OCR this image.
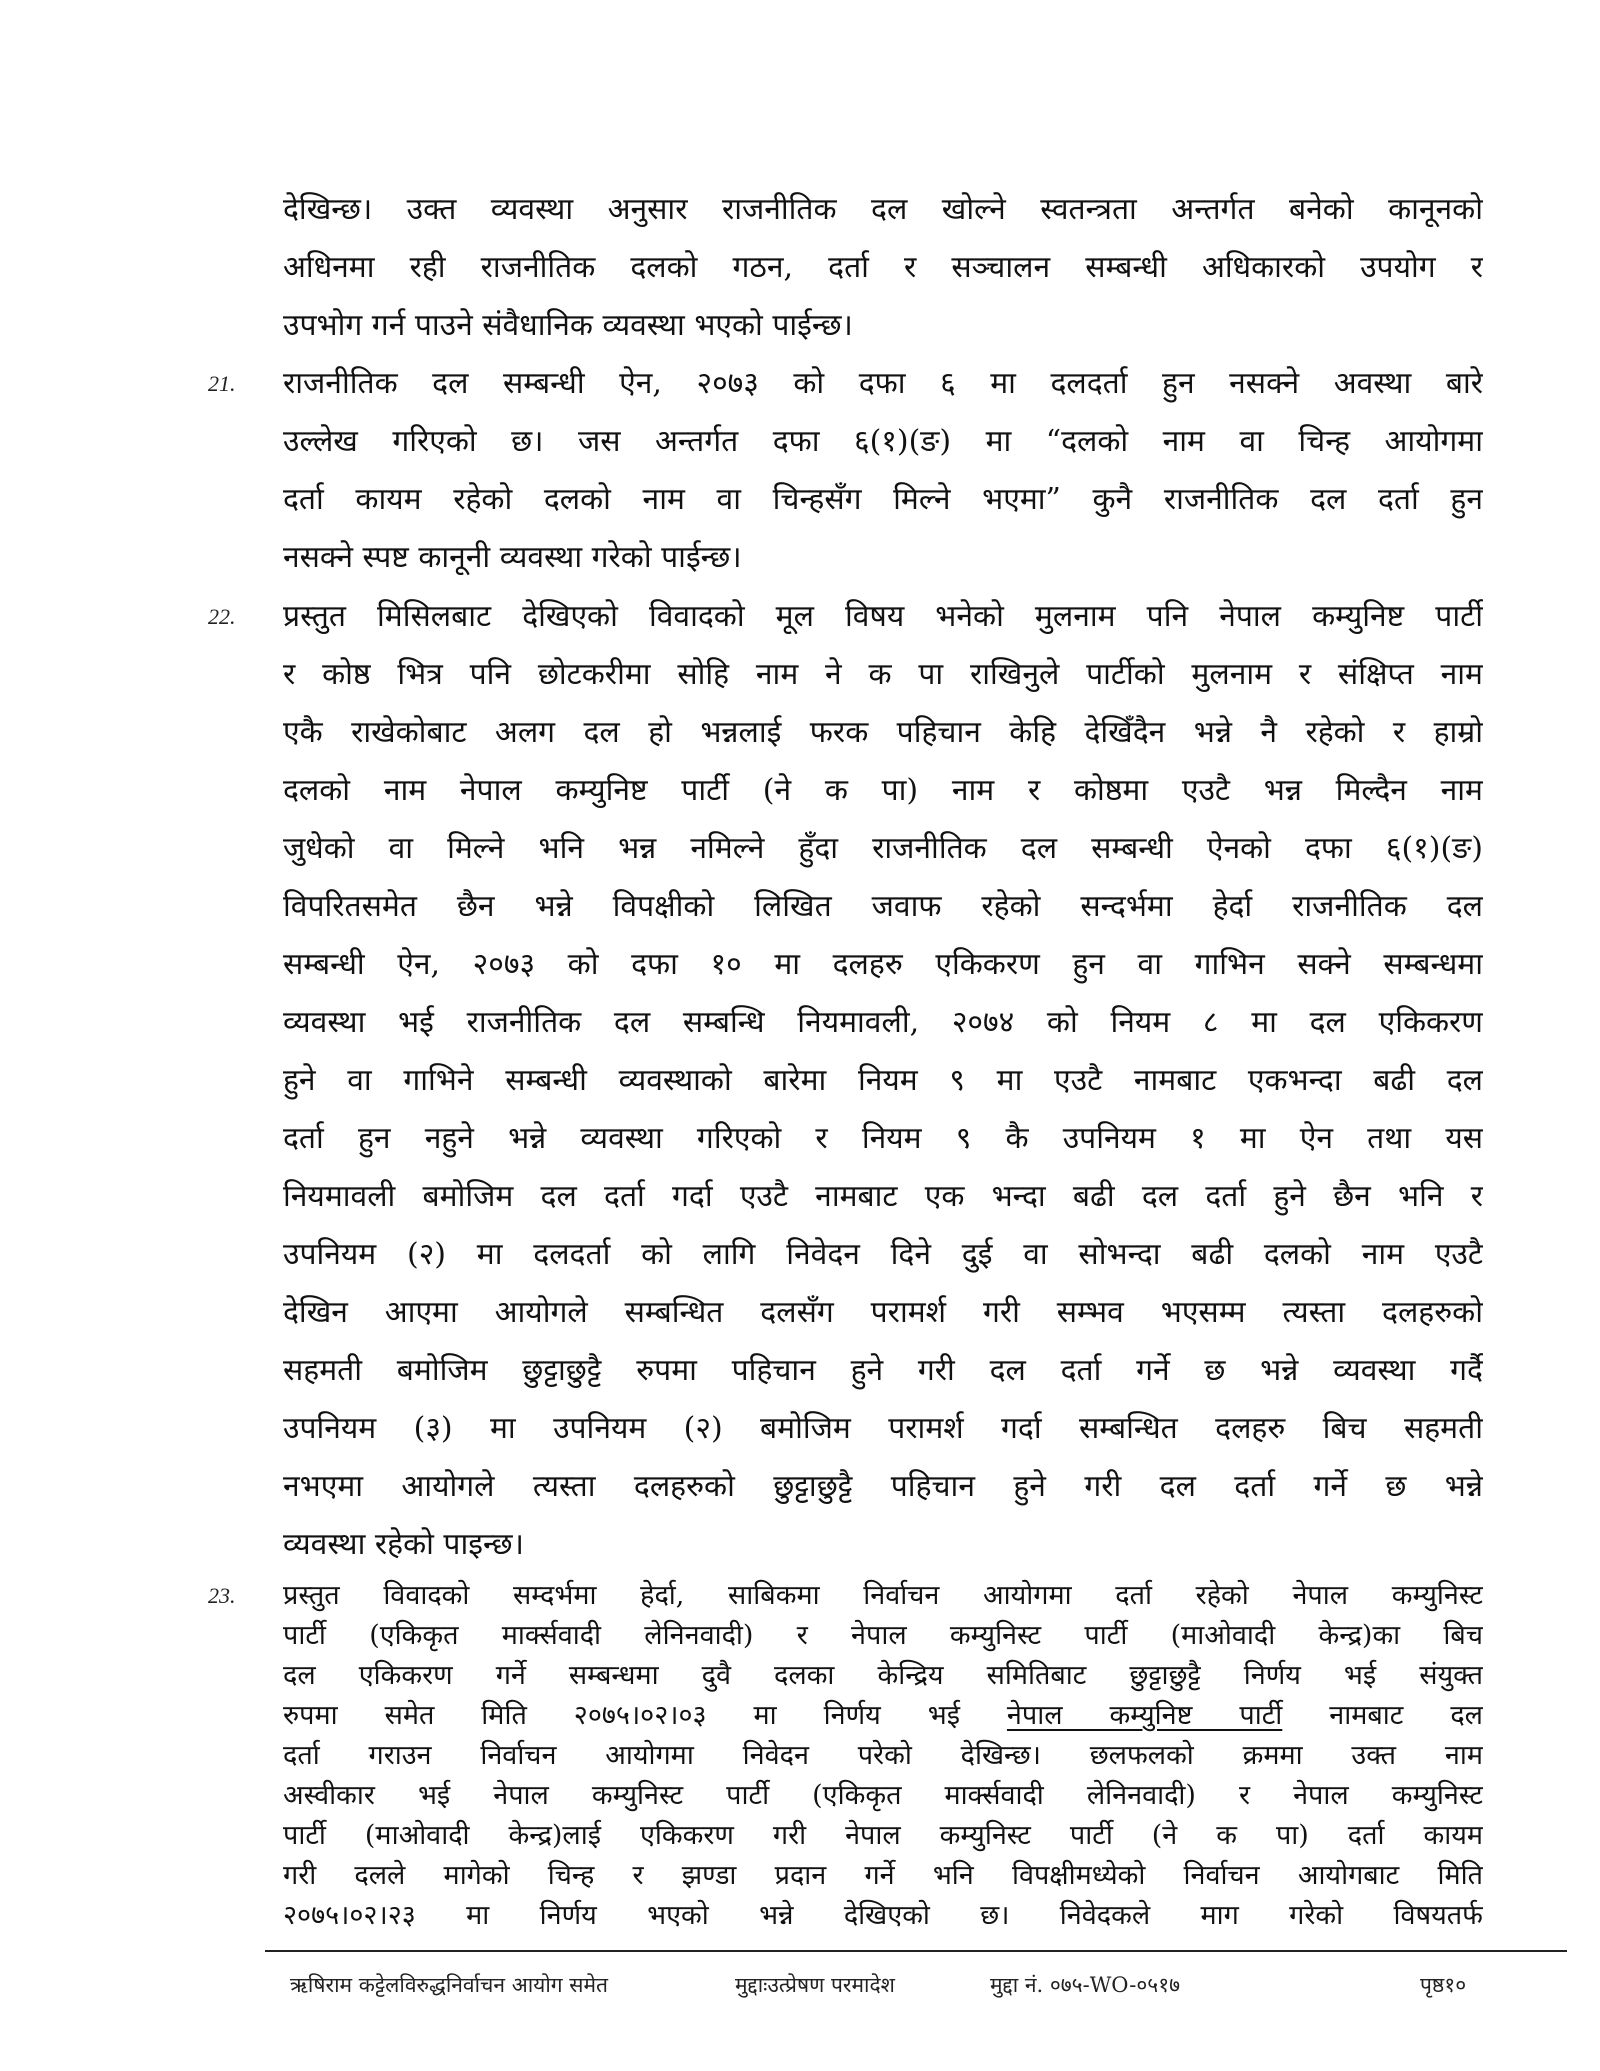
देखिन्छ। उक्त व्यवस्था अनुसार राजनीतिक दल खोल्ने स्वतन्त्रता अन्तर्गत बनेको कानूनको
अधिनमा रही राजनीतिक दलको गठन, दर्ता र सञ्चालन सम्बन्धी अधिकारको उपयोग र
उपभोग गर्न पाउने संवैधानिक व्यवस्था भएको पाईन्छ।
21. राजनीतिक दल सम्बन्धी ऐन, २०७३ को दफा ६ मा दलदर्ता हुन नसक्ने अवस्था बारे
उल्लेख गरिएको छ। जस अन्तर्गत दफा ६(१)(ङ) मा “दलको नाम वा चिन्ह आयोगमा
दर्ता कायम रहेको दलको नाम वा चिन्हसँग मिल्ने भएमा” कुनै राजनीतिक दल दर्ता हुन
नसक्ने स्पष्ट कानूनी व्यवस्था गरेको पाईन्छ।
22. प्रस्तुत मिसिलबाट देखिएको विवादको मूल विषय भनेको मुलनाम पनि नेपाल कम्युनिष्ट पार्टी
र कोष्ठ भित्र पनि छोटकरीमा सोहि नाम ने क पा राखिनुले पार्टीको मुलनाम र संक्षिप्त नाम
एकै राखेकोबाट अलग दल हो भन्नलाई फरक पहिचान केहि देखिँदैन भन्ने नै रहेको र हाम्रो
दलको नाम नेपाल कम्युनिष्ट पार्टी (ने क पा) नाम र कोष्ठमा एउटै भन्न मिल्दैन नाम
जुधेको वा मिल्ने भनि भन्न नमिल्ने हुँदा राजनीतिक दल सम्बन्धी ऐनको दफा ६(१)(ङ)
विपरितसमेत छैन भन्ने विपक्षीको लिखित जवाफ रहेको सन्दर्भमा हेर्दा राजनीतिक दल
सम्बन्धी ऐन, २०७३ को दफा १० मा दलहरु एकिकरण हुन वा गाभिन सक्ने सम्बन्धमा
व्यवस्था भई राजनीतिक दल सम्बन्धि नियमावली, २०७४ को नियम ८ मा दल एकिकरण
हुने वा गाभिने सम्बन्धी व्यवस्थाको बारेमा नियम ९ मा एउटै नामबाट एकभन्दा बढी दल
दर्ता हुन नहुने भन्ने व्यवस्था गरिएको र नियम ९ कै उपनियम १ मा ऐन तथा यस
नियमावली बमोजिम दल दर्ता गर्दा एउटै नामबाट एक भन्दा बढी दल दर्ता हुने छैन भनि र
उपनियम (२) मा दलदर्ता को लागि निवेदन दिने दुई वा सोभन्दा बढी दलको नाम एउटै
देखिन आएमा आयोगले सम्बन्धित दलसँग परामर्श गरी सम्भव भएसम्म त्यस्ता दलहरुको
सहमती बमोजिम छुट्टाछुट्टै रुपमा पहिचान हुने गरी दल दर्ता गर्ने छ भन्ने व्यवस्था गर्दै
उपनियम (३) मा उपनियम (२) बमोजिम परामर्श गर्दा सम्बन्धित दलहरु बिच सहमती
नभएमा आयोगले त्यस्ता दलहरुको छुट्टाछुट्टै पहिचान हुने गरी दल दर्ता गर्ने छ भन्ने
व्यवस्था रहेको पाइन्छ।
23.
ऋषिराम कट्टेलविरुद्धनिर्वाचन आयोग समेत	मुद्दाःउत्प्रेषण परमादेश	मुद्दा नं. ०७५-WO-०५१७	पृष्ठ१०
प्रस्तुत विवादको सम्दर्भमा हेर्दा, साबिकमा निर्वाचन आयोगमा दर्ता रहेको नेपाल कम्युनिस्ट
पार्टी (एकिकृत मार्क्सवादी लेनिनवादी) र नेपाल कम्युनिस्ट पार्टी (माओवादी केन्द्र)का बिच
दल एकिकरण गर्ने सम्बन्धमा दुवै दलका केन्द्रिय समितिबाट छुट्टाछुट्टै निर्णय भई संयुक्त
रुपमा समेत मिति २०७५।०२।०३ मा निर्णय भई नेपाल कम्युनिष्ट पार्टी नामबाट दल
दर्ता गराउन निर्वाचन आयोगमा निवेदन परेको देखिन्छ। छलफलको क्रममा उक्त नाम
अस्वीकार भई नेपाल कम्युनिस्ट पार्टी (एकिकृत मार्क्सवादी लेनिनवादी) र नेपाल कम्युनिस्ट
पार्टी (माओवादी केन्द्र)लाई एकिकरण गरी नेपाल कम्युनिस्ट पार्टी (ने क पा) दर्ता कायम
गरी दलले मागेको चिन्ह र झण्डा प्रदान गर्ने भनि विपक्षीमध्येको निर्वाचन आयोगबाट मिति
२०७५।०२।२३ मा निर्णय भएको भन्ने देखिएको छ। निवेदकले माग गरेको विषयतर्फ
